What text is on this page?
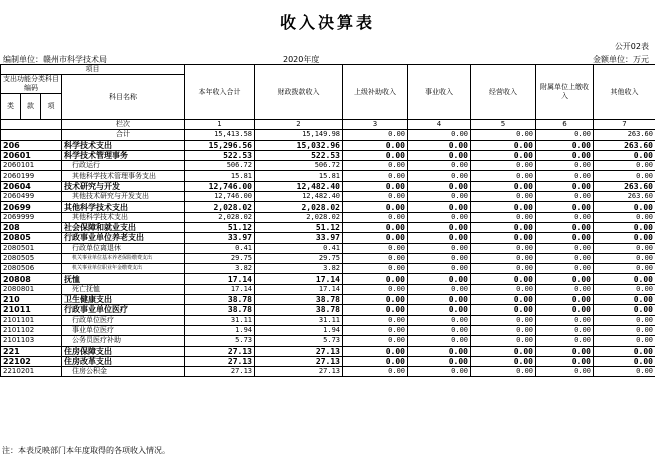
收入决算表
公开02表
编制单位：赣州市科学技术局	2020年度	金额单位：万元
项目				本年收入合计	财政拨款收入	上级补助收入	事业收入	经营收入	附属单位上缴收入	其他收入
支出功能分类科目编码			科目名称							

类	款	项								
			栏次	1	2	3	4	5	6	7
			合计	15,413.58	15,149.98	0.00	0.00	0.00	0.00	263.60
206			科学技术支出	15,296.56	15,032.96	0.00	0.00	0.00	0.00	263.60
20601			科学技术管理事务	522.53	522.53	0.00	0.00	0.00	0.00	0.00
2060101			行政运行	506.72	506.72	0.00	0.00	0.00	0.00	0.00
2060199			其他科学技术管理事务支出	15.81	15.81	0.00	0.00	0.00	0.00	0.00
20604			技术研究与开发	12,746.00	12,482.40	0.00	0.00	0.00	0.00	263.60
2060499			其他技术研究与开发支出	12,746.00	12,482.40	0.00	0.00	0.00	0.00	263.60
20699			其他科学技术支出	2,028.02	2,028.02	0.00	0.00	0.00	0.00	0.00
2069999			其他科学技术支出	2,028.02	2,028.02	0.00	0.00	0.00	0.00	0.00
208			社会保障和就业支出	51.12	51.12	0.00	0.00	0.00	0.00	0.00
20805			行政事业单位养老支出	33.97	33.97	0.00	0.00	0.00	0.00	0.00
2080501			行政单位离退休	0.41	0.41	0.00	0.00	0.00	0.00	0.00
2080505			机关事业单位基本养老保险缴费支出	29.75	29.75	0.00	0.00	0.00	0.00	0.00
2080506			机关事业单位职业年金缴费支出	3.82	3.82	0.00	0.00	0.00	0.00	0.00
20808			抚恤	17.14	17.14	0.00	0.00	0.00	0.00	0.00
2080801			死亡抚恤	17.14	17.14	0.00	0.00	0.00	0.00	0.00
210			卫生健康支出	38.78	38.78	0.00	0.00	0.00	0.00	0.00
21011			行政事业单位医疗	38.78	38.78	0.00	0.00	0.00	0.00	0.00
2101101			行政单位医疗	31.11	31.11	0.00	0.00	0.00	0.00	0.00
2101102			事业单位医疗	1.94	1.94	0.00	0.00	0.00	0.00	0.00
2101103			公务员医疗补助	5.73	5.73	0.00	0.00	0.00	0.00	0.00
221			住房保障支出	27.13	27.13	0.00	0.00	0.00	0.00	0.00
22102			住房改革支出	27.13	27.13	0.00	0.00	0.00	0.00	0.00
2210201			住房公积金	27.13	27.13	0.00	0.00	0.00	0.00	0.00
注：本表反映部门本年度取得的各项收入情况。
